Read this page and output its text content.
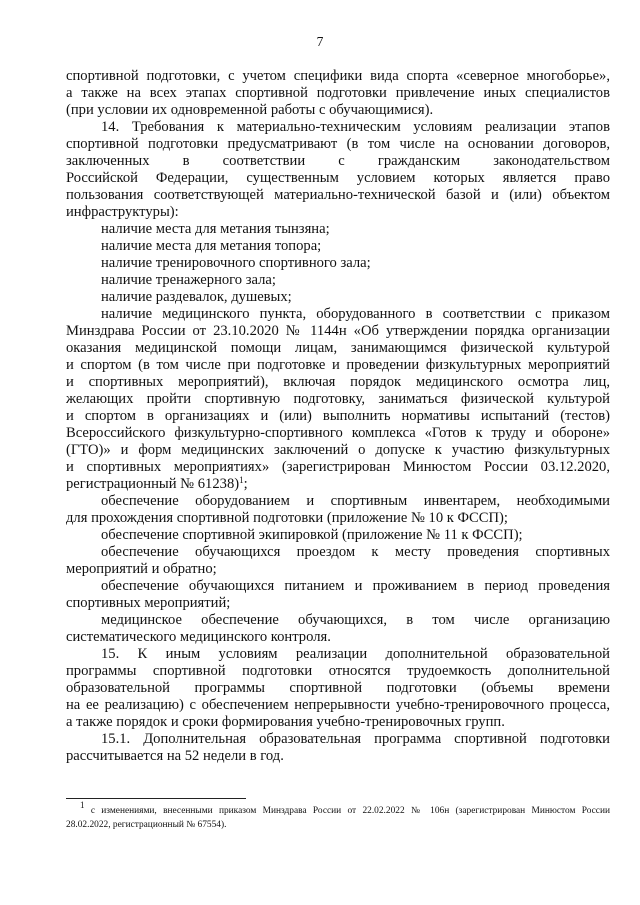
7
спортивной подготовки, с учетом специфики вида спорта «северное многоборье»,
а также на всех этапах спортивной подготовки привлечение иных специалистов
(при условии их одновременной работы с обучающимися).
14. Требования к материально-техническим условиям реализации этапов
спортивной подготовки предусматривают (в том числе на основании договоров,
заключенных в соответствии с гражданским законодательством
Российской Федерации, существенным условием которых является право
пользования соответствующей материально-технической базой и (или) объектом
инфраструктуры):
наличие места для метания тынзяна;
наличие места для метания топора;
наличие тренировочного спортивного зала;
наличие тренажерного зала;
наличие раздевалок, душевых;
наличие медицинского пункта, оборудованного в соответствии с приказом
Минздрава России от 23.10.2020 № 1144н «Об утверждении порядка организации
оказания медицинской помощи лицам, занимающимся физической культурой
и спортом (в том числе при подготовке и проведении физкультурных мероприятий
и спортивных мероприятий), включая порядок медицинского осмотра лиц,
желающих пройти спортивную подготовку, заниматься физической культурой
и спортом в организациях и (или) выполнить нормативы испытаний (тестов)
Всероссийского физкультурно-спортивного комплекса «Готов к труду и обороне»
(ГТО)» и форм медицинских заключений о допуске к участию физкультурных
и спортивных мероприятиях» (зарегистрирован Минюстом России 03.12.2020,
регистрационный № 61238)$^1$;
обеспечение оборудованием и спортивным инвентарем, необходимыми
для прохождения спортивной подготовки (приложение № 10 к ФССП);
обеспечение спортивной экипировкой (приложение № 11 к ФССП);
обеспечение обучающихся проездом к месту проведения спортивных
мероприятий и обратно;
обеспечение обучающихся питанием и проживанием в период проведения
спортивных мероприятий;
медицинское обеспечение обучающихся, в том числе организацию
систематического медицинского контроля.
15. К иным условиям реализации дополнительной образовательной
программы спортивной подготовки относятся трудоемкость дополнительной
образовательной программы спортивной подготовки (объемы времени
на ее реализацию) с обеспечением непрерывности учебно-тренировочного процесса,
а также порядок и сроки формирования учебно-тренировочных групп.
15.1. Дополнительная образовательная программа спортивной подготовки
рассчитывается на 52 недели в год.
$^1$ с изменениями, внесенными приказом Минздрава России от 22.02.2022 № 106н (зарегистрирован Минюстом России
28.02.2022, регистрационный № 67554).
